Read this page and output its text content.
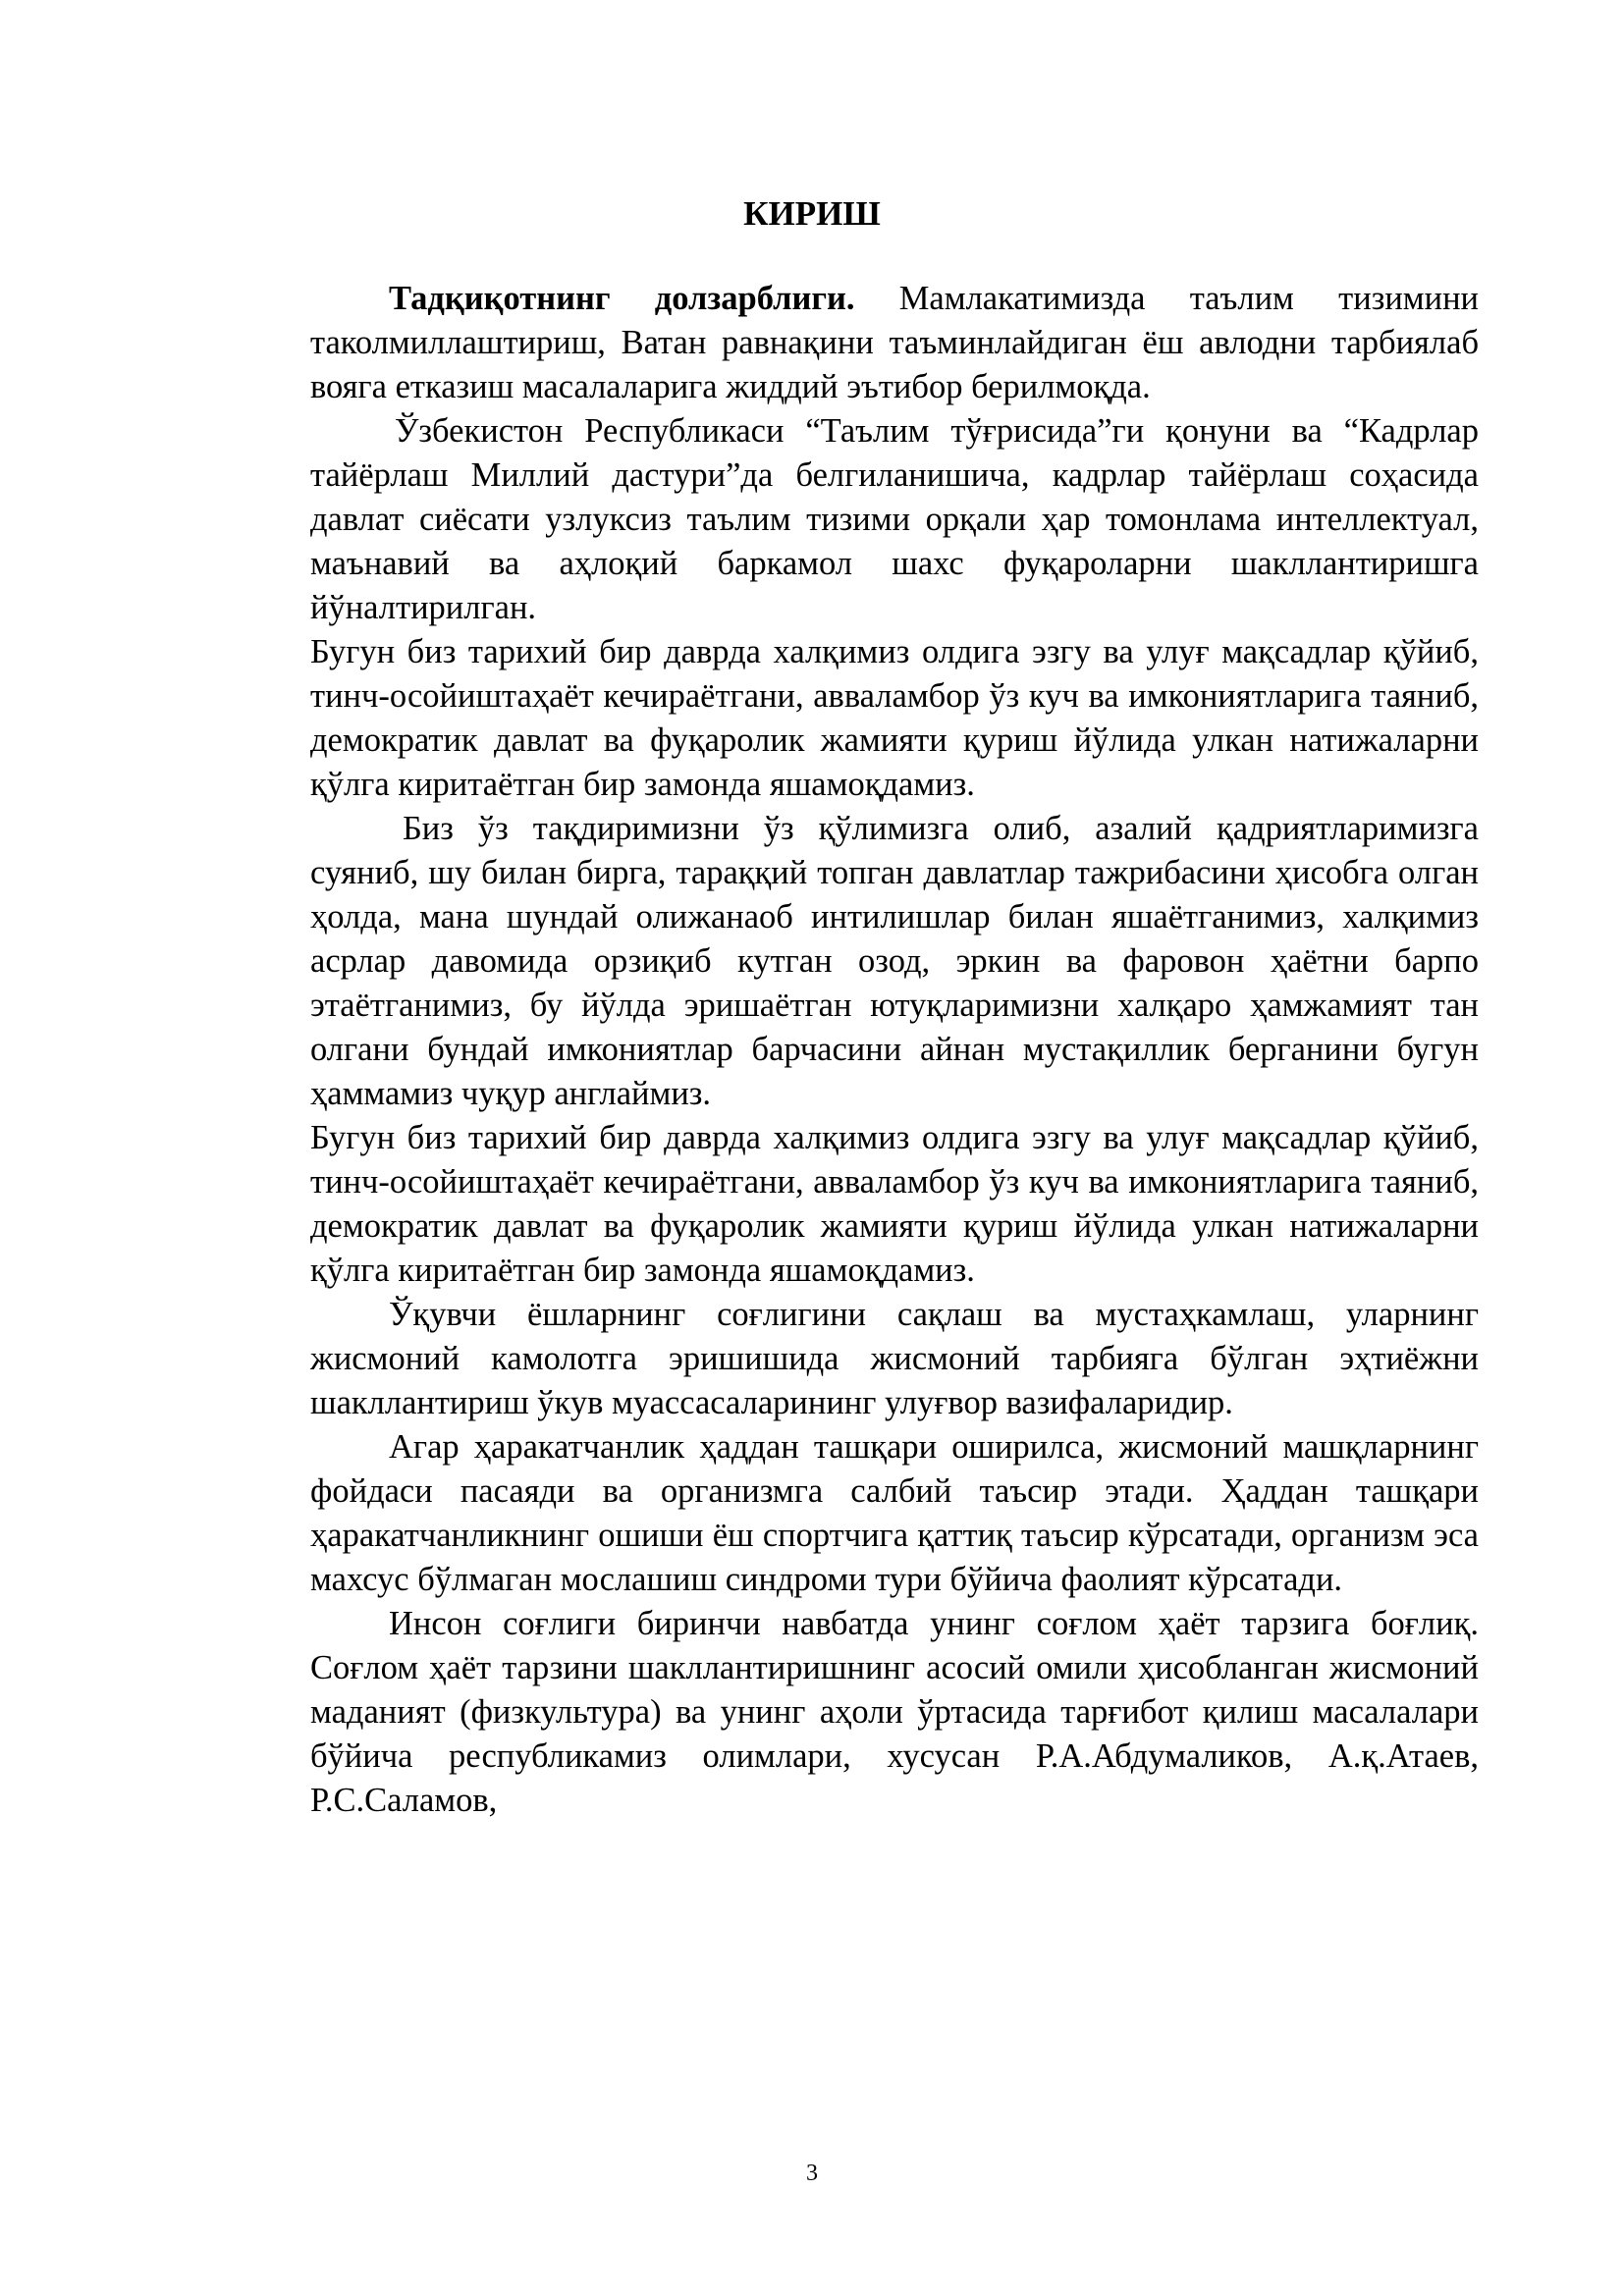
КИРИШ

Тадқиқотнинг долзарблиги. Мамлакатимизда таълим тизимини таколмиллаштириш, Ватан равнақини таъминлайдиган ёш авлодни тарбиялаб вояга етказиш масалаларига жиддий эътибор берилмоқда.

Ўзбекистон Республикаси “Таълим тўғрисида”ги қонуни ва “Кадрлар тайёрлаш Миллий дастури”да белгиланишича, кадрлар тайёрлаш соҳасида давлат сиёсати узлуксиз таълим тизими орқали ҳар томонлама интеллектуал, маънавий ва аҳлоқий баркамол шахс фуқароларни шакллантиришга йўналтирилган.

Бугун биз тарихий бир даврда халқимиз олдига эзгу ва улуғ мақсадлар қўйиб, тинч-осойиштаҳаёт кечираётгани, авваламбор ўз куч ва имкониятларига таяниб, демократик давлат ва фуқаролик жамияти қуриш йўлида улкан натижаларни қўлга киритаётган бир замонда яшамоқдамиз.

Биз ўз тақдиримизни ўз қўлимизга олиб, азалий қадриятларимизга суяниб, шу билан бирга, тараққий топган давлатлар тажрибасини ҳисобга олган ҳолда, мана шундай олижанаоб интилишлар билан яшаётганимиз, халқимиз асрлар давомида орзиқиб кутган озод, эркин ва фаровон ҳаётни барпо этаётганимиз, бу йўлда эришаётган ютуқларимизни халқаро ҳамжамият тан олгани бундай имкониятлар барчасини айнан мустақиллик берганини бугун ҳаммамиз чуқур англаймиз.

Бугун биз тарихий бир даврда халқимиз олдига эзгу ва улуғ мақсадлар қўйиб, тинч-осойиштаҳаёт кечираётгани, авваламбор ўз куч ва имкониятларига таяниб, демократик давлат ва фуқаролик жамияти қуриш йўлида улкан натижаларни қўлга киритаётган бир замонда яшамоқдамиз.

Ўқувчи ёшларнинг соғлигини сақлаш ва мустаҳкамлаш, уларнинг жисмоний камолотга эришишида жисмоний тарбияга бўлган эҳтиёжни шакллантириш ўкув муассасаларининг улуғвор вазифаларидир.

Агар ҳаракатчанлик ҳаддан ташқари оширилса, жисмоний машқларнинг фойдаси пасаяди ва организмга салбий таъсир этади. Ҳаддан ташқари ҳаракатчанликнинг ошиши ёш спортчига қаттиқ таъсир кўрсатади, организм эса махсус бўлмаган мослашиш синдроми тури бўйича фаолият кўрсатади.

Инсон соғлиги биринчи навбатда унинг соғлом ҳаёт тарзига боғлиқ. Соғлом ҳаёт тарзини шакллантиришнинг асосий омили ҳисобланган жисмоний маданият (физкультура) ва унинг аҳоли ўртасида тарғибот қилиш масалалари бўйича республикамиз олимлари, хусусан Р.А.Абдумаликов, А.қ.Атаев, Р.С.Саламов,

3
